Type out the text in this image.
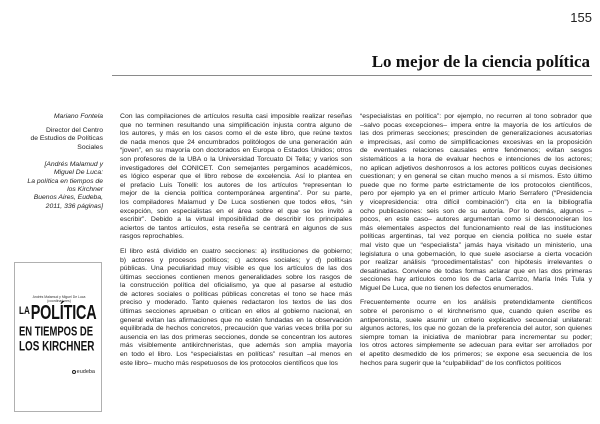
155
Lo mejor de la ciencia política
Mariano Fontela
Director del Centro
de Estudios de Políticas
Sociales
[Andrés Malamud y
Miguel De Luca:
La política en tiempos de
los Kirchner
Buenos Aires, Eudeba,
2011, 336 páginas]
Andrés Malamud y Miguel De Luca
(coordinadores)
$^{LA}$POLÍTICA
EN TIEMPOS DE
LOS KIRCHNER
eudeba
Con las compilaciones de artículos resulta casi imposible realizar reseñas
que no terminen resultando una simplificación injusta contra alguno de
los autores, y más en los casos como el de este libro, que reúne textos
de nada menos que 24 encumbrados politólogos de una generación aún
“joven”, en su mayoría con doctorados en Europa o Estados Unidos; otros
son profesores de la UBA o la Universidad Torcuato Di Tella; y varios son
investigadores del CONICET. Con semejantes pergaminos académicos,
es lógico esperar que el libro rebose de excelencia. Así lo plantea en
el prefacio Luis Tonelli: los autores de los artículos “representan lo
mejor de la ciencia política contemporánea argentina”. Por su parte,
los compiladores Malamud y De Luca sostienen que todos ellos, “sin
excepción, son especialistas en el área sobre el que se los invitó a
escribir”. Debido a la virtual imposibilidad de describir los principales
aciertos de tantos artículos, esta reseña se centrará en algunos de sus
rasgos reprochables.
El libro está dividido en cuatro secciones: a) instituciones de gobierno;
b) actores y procesos políticos; c) actores sociales; y d) políticas
públicas. Una peculiaridad muy visible es que los artículos de las dos
últimas secciones contienen menos generalidades sobre los rasgos de
la construcción política del oficialismo, ya que al pasarse al estudio
de actores sociales o políticas públicas concretas el tono se hace más
preciso y moderado. Tanto quienes redactaron los textos de las dos
últimas secciones aprueban o critican en ellos al gobierno nacional, en
general evitan las afirmaciones que no estén fundadas en la observación
equilibrada de hechos concretos, precaución que varias veces brilla por su
ausencia en las dos primeras secciones, donde se concentran los autores
más visiblemente antikirchneristas, que además son amplia mayoría
en todo el libro. Los “especialistas en políticas” resultan –al menos en
este libro– mucho más respetuosos de los protocolos científicos que los
“especialistas en política”: por ejemplo, no recurren al tono sobrador que
–salvo pocas excepciones– impera entre la mayoría de los artículos de
las dos primeras secciones; prescinden de generalizaciones acusatorias
e imprecisas, así como de simplificaciones excesivas en la proposición
de eventuales relaciones causales entre fenómenos; evitan sesgos
sistemáticos a la hora de evaluar hechos e intenciones de los actores;
no aplican adjetivos deshonrosos a los actores políticos cuyas decisiones
cuestionan; y en general se citan mucho menos a sí mismos. Esto último
puede que no forme parte estrictamente de los protocolos científicos,
pero por ejemplo ya en el primer artículo Mario Serrafero (“Presidencia
y vicepresidencia: otra difícil combinación”) cita en la bibliografía
ocho publicaciones: seis son de su autoría. Por lo demás, algunos –
pocos, en este caso– autores argumentan como si desconocieran los
más elementales aspectos del funcionamiento real de las instituciones
políticas argentinas, tal vez porque en ciencia política no suele estar
mal visto que un “especialista” jamás haya visitado un ministerio, una
legislatura o una gobernación, lo que suele asociarse a cierta vocación
por realizar análisis “procedimentalistas” con hipótesis irrelevantes o
desatinadas. Conviene de todas formas aclarar que en las dos primeras
secciones hay artículos como los de Carla Carrizo, María Inés Tula y
Miguel De Luca, que no tienen los defectos enumerados.
Frecuentemente ocurre en los análisis pretendidamente científicos
sobre el peronismo o el kirchnerismo que, cuando quien escribe es
antiperonista, suele asumir un criterio explicativo secuencial unilateral:
algunos actores, los que no gozan de la preferencia del autor, son quienes
siempre toman la iniciativa de maniobrar para incrementar su poder;
los otros actores simplemente se adecuan para evitar ser arrollados por
el apetito desmedido de los primeros; se expone esa secuencia de los
hechos para sugerir que la “culpabilidad” de los conflictos políticos
